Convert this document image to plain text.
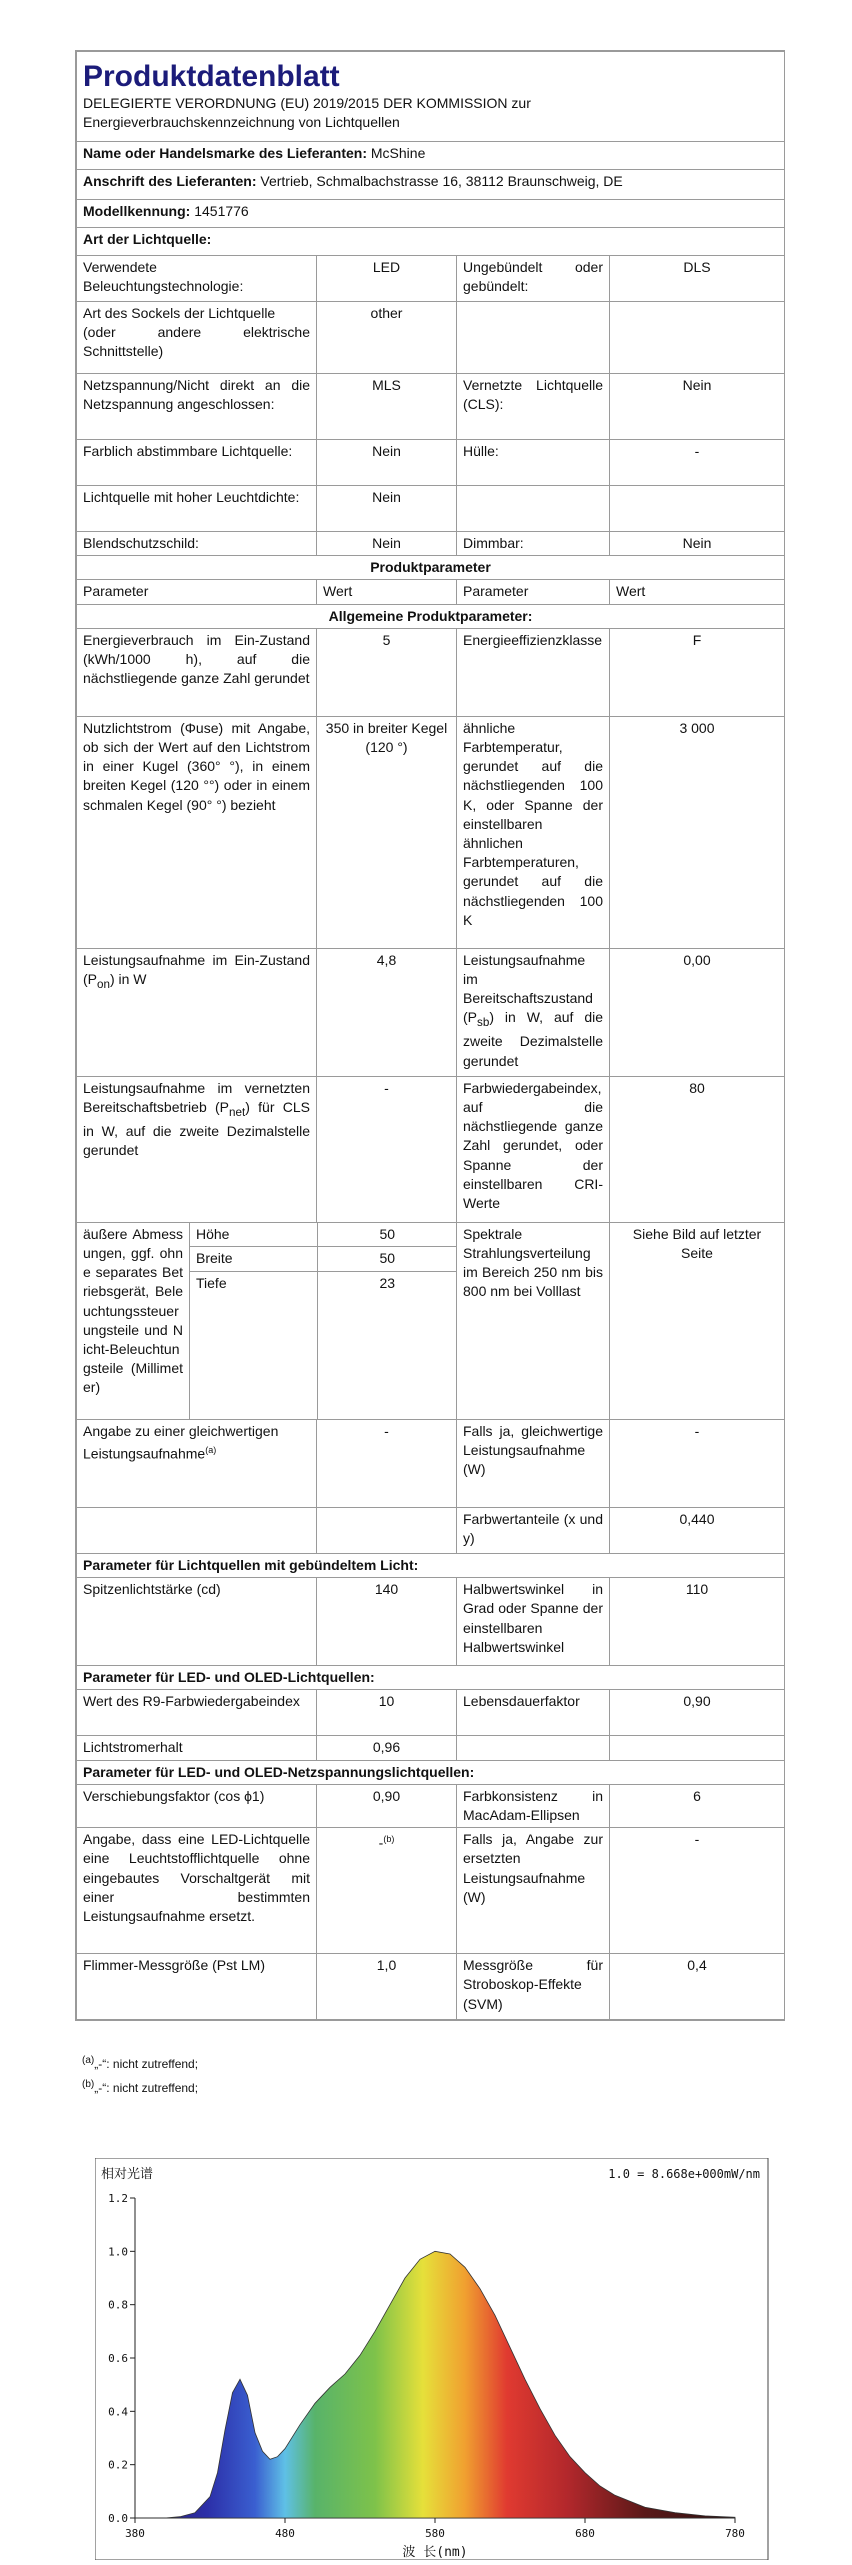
Produktdatenblatt
DELEGIERTE VERORDNUNG (EU) 2019/2015 DER KOMMISSION zur
Energieverbrauchskennzeichnung von Lichtquellen

Name oder Handelsmarke des Lieferanten: McShine
Anschrift des Lieferanten: Vertrieb, Schmalbachstrasse 16, 38112 Braunschweig, DE
Modellkennung: 1451776
Art der Lichtquelle:
Verwendete Beleuchtungstechnologie:	LED	Ungebündelt oder gebündelt:	DLS

Art des Sockels der Lichtquelle
(oder andere elektrische Schnittstelle)
	other		
Netzspannung/Nicht direkt an die Netzspannung angeschlossen:	MLS	Vernetzte Lichtquelle (CLS):	Nein
Farblich abstimmbare Lichtquelle:	Nein	Hülle:	-
Lichtquelle mit hoher Leuchtdichte:	Nein		
Blendschutzschild:	Nein	Dimmbar:	Nein
Produktparameter
Parameter	Wert	Parameter	Wert
Allgemeine Produktparameter:
Energieverbrauch im Ein-Zustand (kWh/1000 h), auf die nächstliegende ganze Zahl gerundet	5	Energieeffizienzklasse	F
Nutzlichtstrom (Φuse) mit Angabe, ob sich der Wert auf den Lichtstrom in einer Kugel (360° °), in einem breiten Kegel (120 °°) oder in einem schmalen Kegel (90° °) bezieht	350 in breiter Kegel (120 °)	ähnliche Farbtemperatur, gerundet auf die nächstliegenden 100 K, oder Spanne der einstellbaren ähnlichen Farbtemperaturen, gerundet auf die nächstliegenden 100 K	3 000
Leistungsaufnahme im Ein-Zustand $(P_{on})$ in W	4,8	Leistungsaufnahme im Bereitschaftszustand $(P_{sb})$ in W, auf die zweite Dezimalstelle gerundet	0,00
Leistungsaufnahme im vernetzten Bereitschaftsbetrieb $(P_{net})$ für CLS in W, auf die zweite Dezimalstelle gerundet	-	Farbwiedergabeindex, auf die nächstliegende ganze Zahl gerundet, oder Spanne der einstellbaren CRI-Werte	80
äußere Abmessungen, ggf. ohne separates Betriebsgerät, Beleuchtungssteuerungsteile und Nicht-Beleuchtungsteile (Millimeter)	
Höhe	50
Breite	50
Tiefe	23
	Spektrale Strahlungsverteilung im Bereich 250 nm bis 800 nm bei Volllast	Siehe Bild auf letzter Seite
Angabe zu einer gleichwertigen Leistungsaufnahme$^{(a)}$	-	Falls ja, gleichwertige Leistungsaufnahme (W)	-
		Farbwertanteile (x und y)	0,440
Parameter für Lichtquellen mit gebündeltem Licht:
Spitzenlichtstärke (cd)	140	Halbwertswinkel in Grad oder Spanne der einstellbaren Halbwertswinkel	110
Parameter für LED- und OLED-Lichtquellen:
Wert des R9-Farbwiedergabeindex	10	Lebensdauerfaktor	0,90
Lichtstromerhalt	0,96		
Parameter für LED- und OLED-Netzspannungslichtquellen:
Verschiebungsfaktor (cos ϕ1)	0,90	Farbkonsistenz in MacAdam-Ellipsen	6
Angabe, dass eine LED-Lichtquelle eine Leuchtstofflichtquelle ohne eingebautes Vorschaltgerät mit einer bestimmten Leistungsaufnahme ersetzt.	-$^{(b)}$	Falls ja, Angabe zur ersetzten Leistungsaufnahme (W)	-
Flimmer-Messgröße (Pst LM)	1,0	Messgröße für Stroboskop-Effekte (SVM)	0,4
$^{(a)}$„-“: nicht zutreffend;
$^{(b)}$„-“: nicht zutreffend;
相对光谱	1.0 = 8.668e+000mW/nm
波 长(nm)
0.0
0.2
0.4
0.6
0.8
1.0
1.2
380	480	580	680	780
